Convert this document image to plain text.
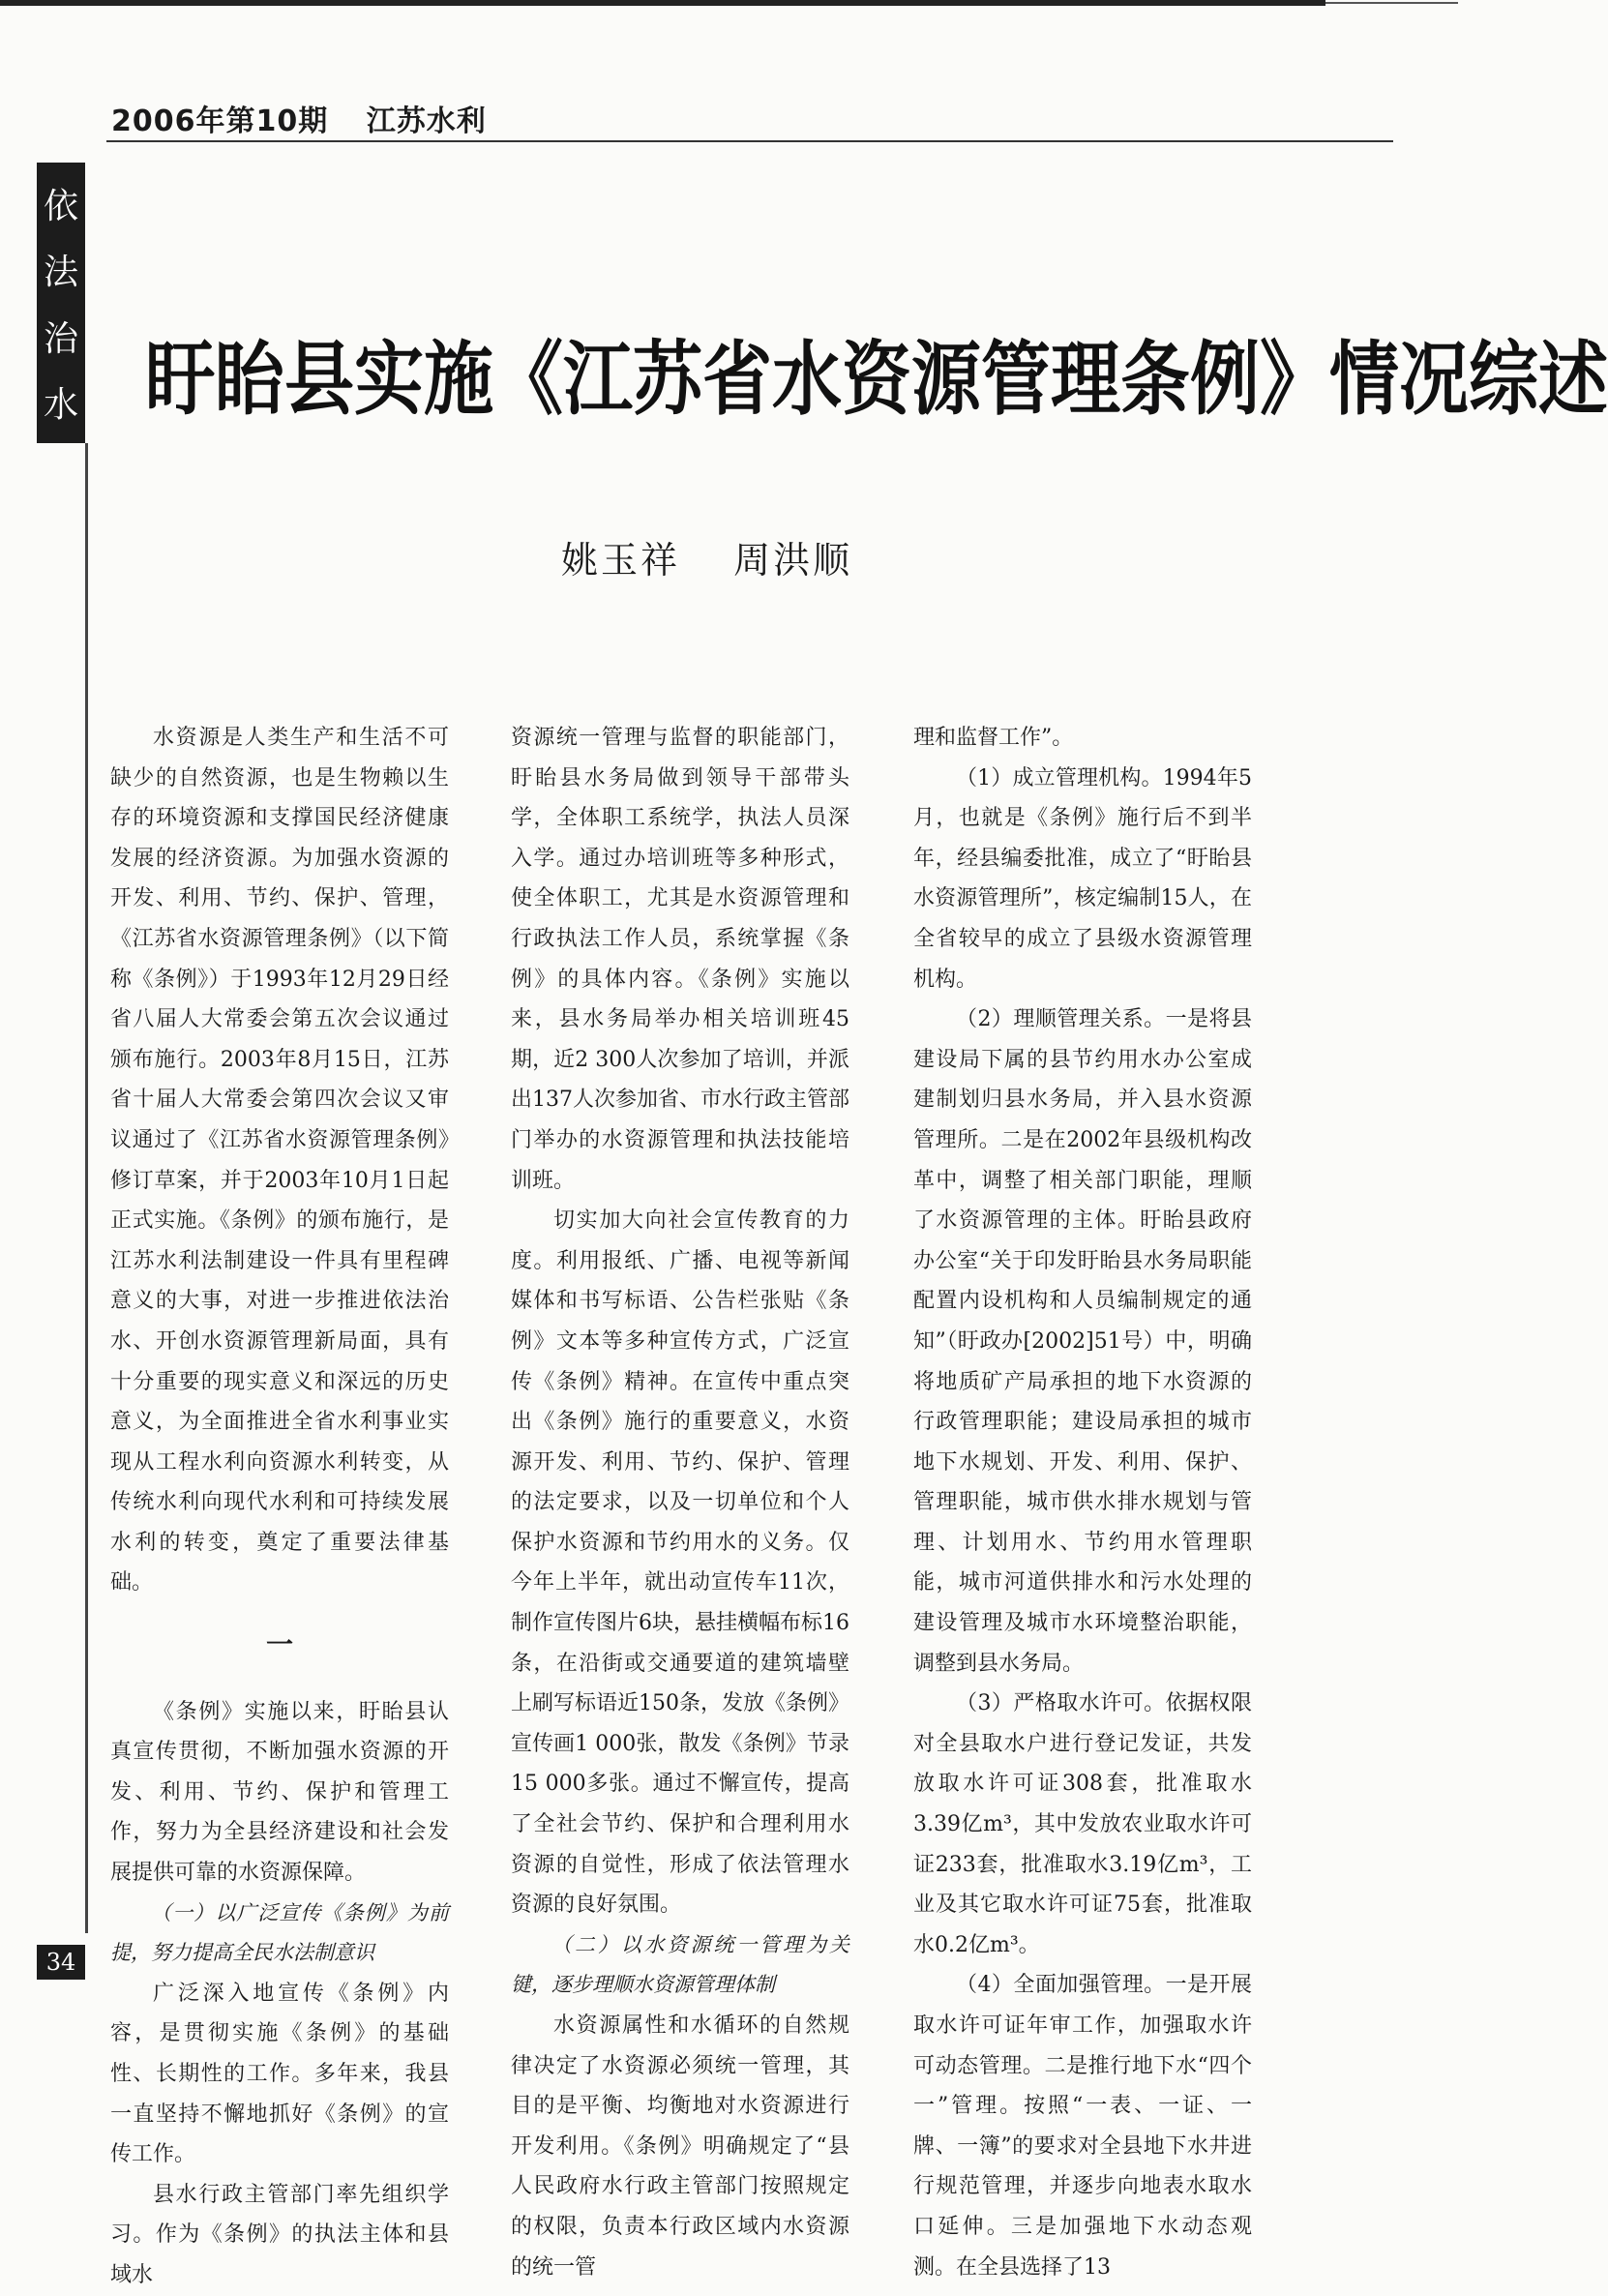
2006年第10期 江苏水利
依
法
治
水 盱眙县实施《江苏省水资源管理条例》情况综述
姚玉祥 周洪顺

水资源是人类生产和生活不可缺少的自然资源，也是生物赖以生存的环境资源和支撑国民经济健康发展的经济资源。为加强水资源的开发、利用、节约、保护、管理，《江苏省水资源管理条例》（以下简称《条例》）于1993年12月29日经省八届人大常委会第五次会议通过颁布施行。2003年8月15日，江苏省十届人大常委会第四次会议又审议通过了《江苏省水资源管理条例》修订草案，并于2003年10月1日起正式实施。《条例》的颁布施行，是江苏水利法制建设一件具有里程碑意义的大事，对进一步推进依法治水、开创水资源管理新局面，具有十分重要的现实意义和深远的历史意义，为全面推进全省水利事业实现从工程水利向资源水利转变，从传统水利向现代水利和可持续发展水利的转变，奠定了重要法律基础。

一

《条例》实施以来，盱眙县认真宣传贯彻，不断加强水资源的开发、利用、节约、保护和管理工作，努力为全县经济建设和社会发展提供可靠的水资源保障。

（一）以广泛宣传《条例》为前提，努力提高全民水法制意识

广泛深入地宣传《条例》内容，是贯彻实施《条例》的基础性、长期性的工作。多年来，我县一直坚持不懈地抓好《条例》的宣传工作。

县水行政主管部门率先组织学习。作为《条例》的执法主体和县域水

资源统一管理与监督的职能部门，盱眙县水务局做到领导干部带头学，全体职工系统学，执法人员深入学。通过办培训班等多种形式，使全体职工，尤其是水资源管理和行政执法工作人员，系统掌握《条例》的具体内容。《条例》实施以来，县水务局举办相关培训班45期，近2 300人次参加了培训，并派出137人次参加省、市水行政主管部门举办的水资源管理和执法技能培训班。

切实加大向社会宣传教育的力度。利用报纸、广播、电视等新闻媒体和书写标语、公告栏张贴《条例》文本等多种宣传方式，广泛宣传《条例》精神。在宣传中重点突出《条例》施行的重要意义，水资源开发、利用、节约、保护、管理的法定要求，以及一切单位和个人保护水资源和节约用水的义务。仅今年上半年，就出动宣传车11次，制作宣传图片6块，悬挂横幅布标16条，在沿街或交通要道的建筑墙壁上刷写标语近150条，发放《条例》宣传画1 000张，散发《条例》节录15 000多张。通过不懈宣传，提高了全社会节约、保护和合理利用水资源的自觉性，形成了依法管理水资源的良好氛围。

（二）以水资源统一管理为关键，逐步理顺水资源管理体制

水资源属性和水循环的自然规律决定了水资源必须统一管理，其目的是平衡、均衡地对水资源进行开发利用。《条例》明确规定了“县人民政府水行政主管部门按照规定的权限，负责本行政区域内水资源的统一管

理和监督工作”。

（1）成立管理机构。1994年5月，也就是《条例》施行后不到半年，经县编委批准，成立了“盱眙县水资源管理所”，核定编制15人，在全省较早的成立了县级水资源管理机构。

（2）理顺管理关系。一是将县建设局下属的县节约用水办公室成建制划归县水务局，并入县水资源管理所。二是在2002年县级机构改革中，调整了相关部门职能，理顺了水资源管理的主体。盱眙县政府办公室“关于印发盱眙县水务局职能配置内设机构和人员编制规定的通知”（盱政办[2002]51号）中，明确将地质矿产局承担的地下水资源的行政管理职能；建设局承担的城市地下水规划、开发、利用、保护、管理职能，城市供水排水规划与管理、计划用水、节约用水管理职能，城市河道供排水和污水处理的建设管理及城市水环境整治职能，调整到县水务局。

（3）严格取水许可。依据权限对全县取水户进行登记发证，共发放取水许可证308套，批准取水3.39亿m³，其中发放农业取水许可证233套，批准取水3.19亿m³，工业及其它取水许可证75套，批准取水0.2亿m³。

（4）全面加强管理。一是开展取水许可证年审工作，加强取水许可动态管理。二是推行地下水“四个一”管理。按照“一表、一证、一牌、一簿”的要求对全县地下水井进行规范管理，并逐步向地表水取水口延伸。三是加强地下水动态观测。在全县选择了13

34
